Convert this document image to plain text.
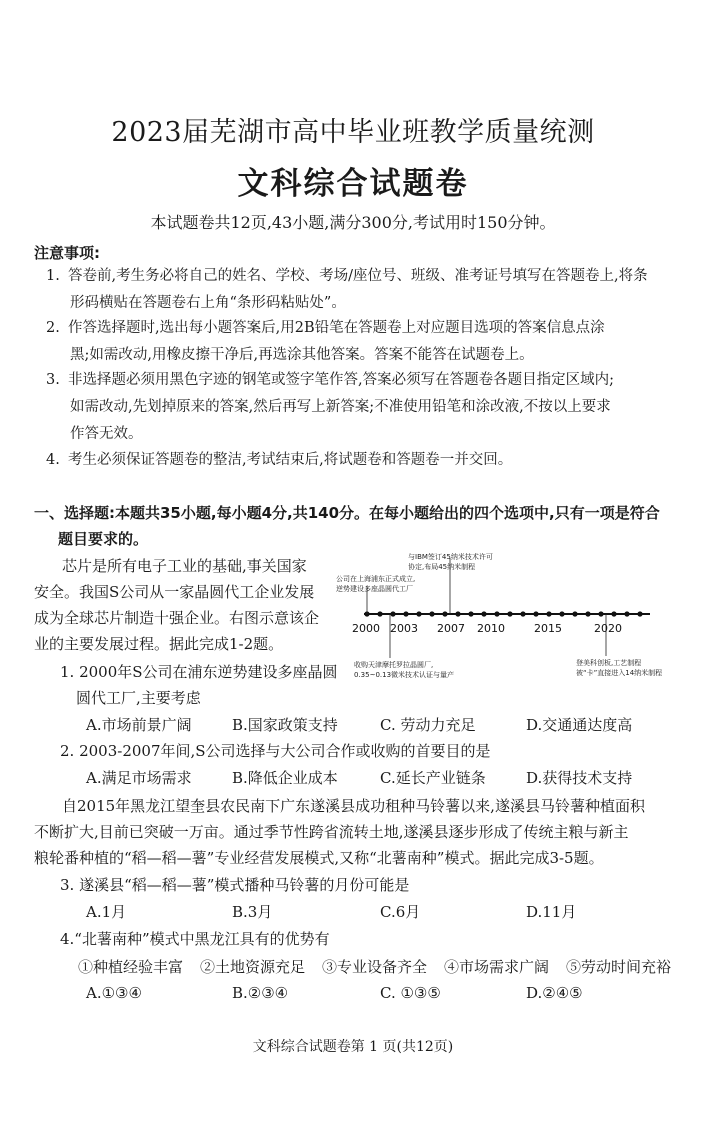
2023届芜湖市高中毕业班教学质量统测
文科综合试题卷
本试题卷共12页,43小题,满分300分,考试用时150分钟。
注意事项:
1. 答卷前,考生务必将自己的姓名、学校、考场/座位号、班级、准考证号填写在答题卷上,将条
形码横贴在答题卷右上角“条形码粘贴处”。
2. 作答选择题时,选出每小题答案后,用2B铅笔在答题卷上对应题目选项的答案信息点涂
黑;如需改动,用橡皮擦干净后,再选涂其他答案。答案不能答在试题卷上。
3. 非选择题必须用黑色字迹的钢笔或签字笔作答,答案必须写在答题卷各题目指定区域内;
如需改动,先划掉原来的答案,然后再写上新答案;不准使用铅笔和涂改液,不按以上要求
作答无效。
4. 考生必须保证答题卷的整洁,考试结束后,将试题卷和答题卷一并交回。
一、选择题:本题共35小题,每小题4分,共140分。在每小题给出的四个选项中,只有一项是符合
题目要求的。
芯片是所有电子工业的基础,事关国家
安全。我国S公司从一家晶圆代工企业发展
成为全球芯片制造十强企业。右图示意该企
业的主要发展过程。据此完成1-2题。
与IBM签订45纳米技术许可
协定,布局45纳米制程
公司在上海浦东正式成立,
逆势建设多座晶圆代工厂
2000 2003 2007 2010	2015	2020
收购天津摩托罗拉晶圆厂,
0.35~0.13微米技术认证与量产
登美科创板,工艺制程
被“卡”直接进入14纳米制程
1. 2000年S公司在浦东逆势建设多座晶圆
圆代工厂,主要考虑
A.市场前景广阔	B.国家政策支持	C. 劳动力充足	D.交通通达度高
2. 2003-2007年间,S公司选择与大公司合作或收购的首要目的是
A.满足市场需求	B.降低企业成本	C.延长产业链条	D.获得技术支持
自2015年黑龙江望奎县农民南下广东遂溪县成功租种马铃薯以来,遂溪县马铃薯种植面积
不断扩大,目前已突破一万亩。通过季节性跨省流转土地,遂溪县逐步形成了传统主粮与新主
粮轮番种植的“稻—稻—薯”专业经营发展模式,又称“北薯南种”模式。据此完成3-5题。
3. 遂溪县“稻—稻—薯”模式播种马铃薯的月份可能是
A.1月	B.3月	C.6月	D.11月
4.“北薯南种”模式中黑龙江具有的优势有
①种植经验丰富 ②土地资源充足 ③专业设备齐全 ④市场需求广阔 ⑤劳动时间充裕
A.①③④	B.②③④	C. ①③⑤	D.②④⑤
文科综合试题卷第 1 页(共12页)
